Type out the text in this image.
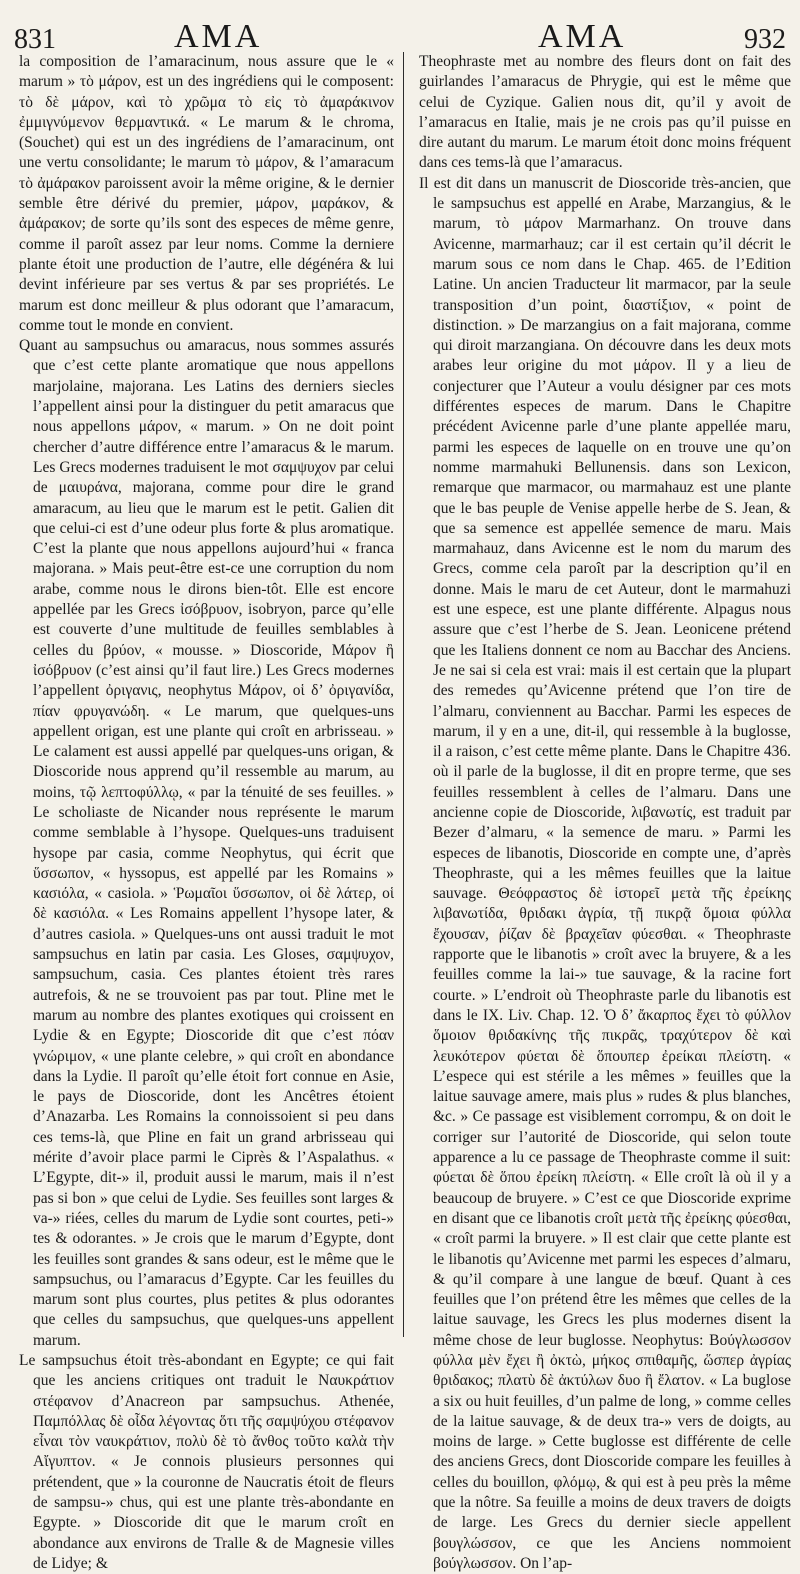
831	AMA	AMA	932

la composition de l’amaracinum, nous assure que le « marum » τὸ μάρον, est un des ingrédiens qui le composent: τὸ δὲ μάρον, καὶ τὸ χρῶμα τὸ εἰς τὸ ἀμαράκινον ἐμμιγνύμενον θερμαντικά. « Le marum & le chroma, (Souchet) qui est un des ingrédiens de l’amaracinum, ont une vertu consolidante; le marum τὸ μάρον, & l’amaracum τὸ ἀμάρακον paroissent avoir la même origine, & le dernier semble être dérivé du premier, μάρον, μαράκον, & ἀμάρακον; de sorte qu’ils sont des especes de même genre, comme il paroît assez par leur noms. Comme la derniere plante étoit une production de l’autre, elle dégénéra & lui devint inférieure par ses vertus & par ses propriétés. Le marum est donc meilleur & plus odorant que l’amaracum, comme tout le monde en convient.

Quant au sampsuchus ou amaracus, nous sommes assurés que c’est cette plante aromatique que nous appellons marjolaine, majorana. Les Latins des derniers siecles l’appellent ainsi pour la distinguer du petit amaracus que nous appellons μάρον, « marum. » On ne doit point chercher d’autre différence entre l’amaracus & le marum. Les Grecs modernes traduisent le mot σαμψυχον par celui de μαιυράνα, majorana, comme pour dire le grand amaracum, au lieu que le marum est le petit. Galien dit que celui-ci est d’une odeur plus forte & plus aromatique. C’est la plante que nous appellons aujourd’hui « franca majorana. » Mais peut-être est-ce une corruption du nom arabe, comme nous le dirons bien-tôt. Elle est encore appellée par les Grecs ἰσόβρυον, isobryon, parce qu’elle est couverte d’une multitude de feuilles semblables à celles du βρύον, « mousse. » Dioscoride, Μάρον ἢ ἰσόβρυον (c’est ainsi qu’il faut lire.) Les Grecs modernes l’appellent ὀριγανις, neophytus Μάρον, οἱ δ’ ὀριγανίδα, πίαν φρυγανώδη. « Le marum, que quelques-uns appellent origan, est une plante qui croît en arbrisseau. » Le calament est aussi appellé par quelques-uns origan, & Dioscoride nous apprend qu’il ressemble au marum, au moins, τῷ λεπτοφύλλῳ, « par la ténuité de ses feuilles. » Le scholiaste de Nicander nous représente le marum comme semblable à l’hysope. Quelques-uns traduisent hysope par casia, comme Neophytus, qui écrit que ὕσσωπον, « hyssopus, est appellé par les Romains » κασιόλα, « casiola. » Ῥωμαῖοι ὕσσωπον, οἱ δὲ λάτερ, οἱ δὲ κασιόλα. « Les Romains appellent l’hysope later, & d’autres casiola. » Quelques-uns ont aussi traduit le mot sampsuchus en latin par casia. Les Gloses, σαμψυχον, sampsuchum, casia. Ces plantes étoient très rares autrefois, & ne se trouvoient pas par tout. Pline met le marum au nombre des plantes exotiques qui croissent en Lydie & en Egypte; Dioscoride dit que c’est πόαν γνώριμον, « une plante celebre, » qui croît en abondance dans la Lydie. Il paroît qu’elle étoit fort connue en Asie, le pays de Dioscoride, dont les Ancêtres étoient d’Anazarba. Les Romains la connoissoient si peu dans ces tems-là, que Pline en fait un grand arbrisseau qui mérite d’avoir place parmi le Ciprès & l’Aspalathus. « L’Egypte, dit-» il, produit aussi le marum, mais il n’est pas si bon » que celui de Lydie. Ses feuilles sont larges & va-» riées, celles du marum de Lydie sont courtes, peti-» tes & odorantes. » Je crois que le marum d’Egypte, dont les feuilles sont grandes & sans odeur, est le même que le sampsuchus, ou l’amaracus d’Egypte. Car les feuilles du marum sont plus courtes, plus petites & plus odorantes que celles du sampsuchus, que quelques-uns appellent marum.

Le sampsuchus étoit très-abondant en Egypte; ce qui fait que les anciens critiques ont traduit le Ναυκράτιον στέφανον d’Anacreon par sampsuchus. Athenée, Παμπόλλας δὲ οἶδα λέγοντας ὅτι τῆς σαμψύχου στέφανον εἶναι τὸν ναυκράτιον, πολὺ δὲ τὸ ἄνθος τοῦτο καλὰ τὴν Αἴγυπτον. « Je connois plusieurs personnes qui prétendent, que » la couronne de Naucratis étoit de fleurs de sampsu-» chus, qui est une plante très-abondante en Egypte. » Dioscoride dit que le marum croît en abondance aux environs de Tralle & de Magnesie villes de Lidye; &

Theophraste met au nombre des fleurs dont on fait des guirlandes l’amaracus de Phrygie, qui est le même que celui de Cyzique. Galien nous dit, qu’il y avoit de l’amaracus en Italie, mais je ne crois pas qu’il puisse en dire autant du marum. Le marum étoit donc moins fréquent dans ces tems-là que l’amaracus.

Il est dit dans un manuscrit de Dioscoride très-ancien, que le sampsuchus est appellé en Arabe, Marzangius, & le marum, τὸ μάρον Marmarhanz. On trouve dans Avicenne, marmarhauz; car il est certain qu’il décrit le marum sous ce nom dans le Chap. 465. de l’Edition Latine. Un ancien Traducteur lit marmacor, par la seule transposition d’un point, διαστίξιον, « point de distinction. » De marzangius on a fait majorana, comme qui diroit marzangiana. On découvre dans les deux mots arabes leur origine du mot μάρον. Il y a lieu de conjecturer que l’Auteur a voulu désigner par ces mots différentes especes de marum. Dans le Chapitre précédent Avicenne parle d’une plante appellée maru, parmi les especes de laquelle on en trouve une qu’on nomme marmahuki Bellunensis. dans son Lexicon, remarque que marmacor, ou marmahauz est une plante que le bas peuple de Venise appelle herbe de S. Jean, & que sa semence est appellée semence de maru. Mais marmahauz, dans Avicenne est le nom du marum des Grecs, comme cela paroît par la description qu’il en donne. Mais le maru de cet Auteur, dont le marmahuzi est une espece, est une plante différente. Alpagus nous assure que c’est l’herbe de S. Jean. Leonicene prétend que les Italiens donnent ce nom au Bacchar des Anciens. Je ne sai si cela est vrai: mais il est certain que la plupart des remedes qu’Avicenne prétend que l’on tire de l’almaru, conviennent au Bacchar. Parmi les especes de marum, il y en a une, dit-il, qui ressemble à la buglosse, il a raison, c’est cette même plante. Dans le Chapitre 436. où il parle de la buglosse, il dit en propre terme, que ses feuilles ressemblent à celles de l’almaru. Dans une ancienne copie de Dioscoride, λιβανωτίς, est traduit par Bezer d’almaru, « la semence de maru. » Parmi les especes de libanotis, Dioscoride en compte une, d’après Theophraste, qui a les mêmes feuilles que la laitue sauvage. Θεόφραστος δὲ ἱστορεῖ μετὰ τῆς ἐρείκης λιβανωτίδα, θριδακι ἀγρία, τῇ πικρᾷ ὅμοια φύλλα ἔχουσαν, ῥίζαν δὲ βραχεῖαν φύεσθαι. « Theophraste rapporte que le libanotis » croît avec la bruyere, & a les feuilles comme la lai-» tue sauvage, & la racine fort courte. » L’endroit où Theophraste parle du libanotis est dans le IX. Liv. Chap. 12. Ὁ δ’ ἄκαρπος ἔχει τὸ φύλλον ὅμοιον θριδακίνης τῆς πικρᾶς, τραχύτερον δὲ καὶ λευκότερον φύεται δὲ ὅπουπερ ἐρείκαι πλείστη. « L’espece qui est stérile a les mêmes » feuilles que la laitue sauvage amere, mais plus » rudes & plus blanches, &c. » Ce passage est visiblement corrompu, & on doit le corriger sur l’autorité de Dioscoride, qui selon toute apparence a lu ce passage de Theophraste comme il suit: φύεται δὲ ὅπου ἐρείκη πλείστη. « Elle croît là où il y a beaucoup de bruyere. » C’est ce que Dioscoride exprime en disant que ce libanotis croît μετὰ τῆς ἐρείκης φύεσθαι, « croît parmi la bruyere. » Il est clair que cette plante est le libanotis qu’Avicenne met parmi les especes d’almaru, & qu’il compare à une langue de bœuf. Quant à ces feuilles que l’on prétend être les mêmes que celles de la laitue sauvage, les Grecs les plus modernes disent la même chose de leur buglosse. Neophytus: Βούγλωσσον φύλλα μὲν ἔχει ἢ ὀκτὼ, μήκος σπιθαμῆς, ὥσπερ ἀγρίας θριδακος; πλατὺ δὲ ἀκτύλων δυο ἢ ἔλατον. « La buglose a six ou huit feuilles, d’un palme de long, » comme celles de la laitue sauvage, & de deux tra-» vers de doigts, au moins de large. » Cette buglosse est différente de celle des anciens Grecs, dont Dioscoride compare les feuilles à celles du bouillon, φλόμῳ, & qui est à peu près la même que la nôtre. Sa feuille a moins de deux travers de doigts de large. Les Grecs du dernier siecle appellent βουγλώσσον, ce que les Anciens nommoient βούγλωσσον. On l’ap-
